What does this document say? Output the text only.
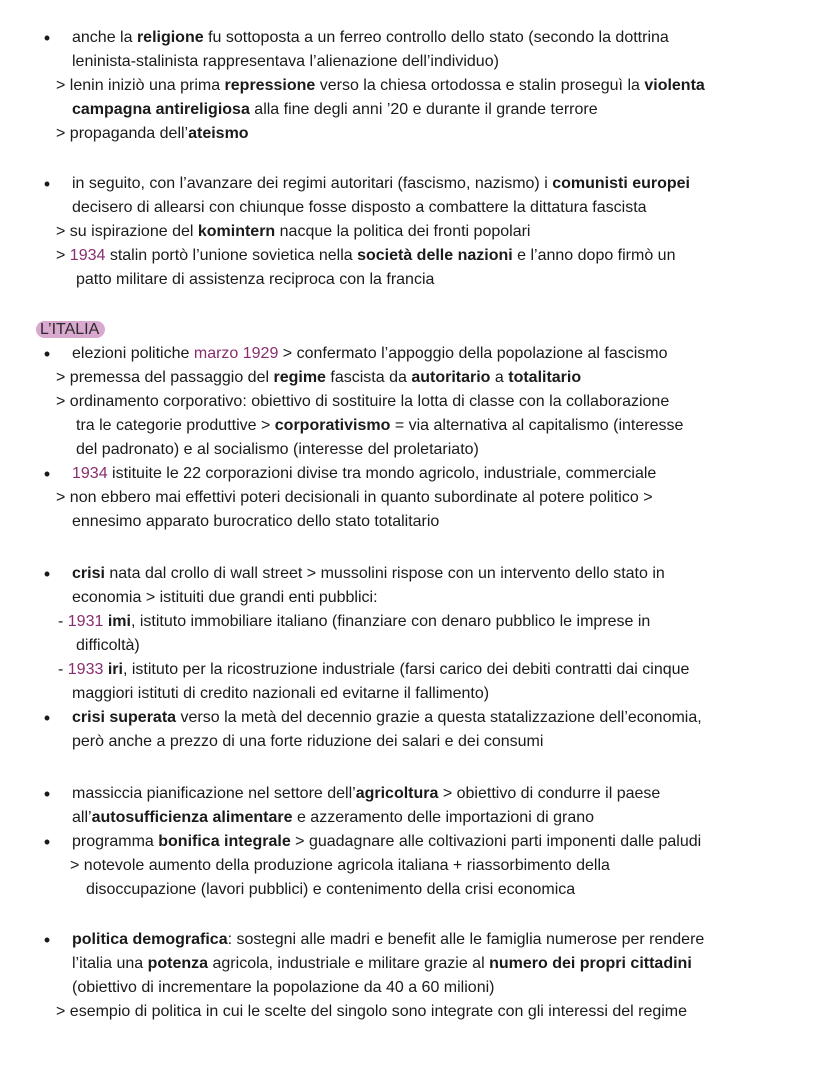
• anche la religione fu sottoposta a un ferreo controllo dello stato (secondo la dottrina
leninista-stalinista rappresentava l’alienazione dell’individuo)
> lenin iniziò una prima repressione verso la chiesa ortodossa e stalin proseguì la violenta
campagna antireligiosa alla fine degli anni ’20 e durante il grande terrore
> propaganda dell’ateismo
• in seguito, con l’avanzare dei regimi autoritari (fascismo, nazismo) i comunisti europei
decisero di allearsi con chiunque fosse disposto a combattere la dittatura fascista
> su ispirazione del komintern nacque la politica dei fronti popolari
> 1934 stalin portò l’unione sovietica nella società delle nazioni e l’anno dopo firmò un
patto militare di assistenza reciproca con la francia
L’ITALIA
• elezioni politiche marzo 1929 > confermato l’appoggio della popolazione al fascismo
> premessa del passaggio del regime fascista da autoritario a totalitario
> ordinamento corporativo: obiettivo di sostituire la lotta di classe con la collaborazione
tra le categorie produttive > corporativismo = via alternativa al capitalismo (interesse
del padronato) e al socialismo (interesse del proletariato)
• 1934 istituite le 22 corporazioni divise tra mondo agricolo, industriale, commerciale
> non ebbero mai effettivi poteri decisionali in quanto subordinate al potere politico >
ennesimo apparato burocratico dello stato totalitario
• crisi nata dal crollo di wall street > mussolini rispose con un intervento dello stato in
economia > istituiti due grandi enti pubblici:
- 1931 imi, istituto immobiliare italiano (finanziare con denaro pubblico le imprese in
difficoltà)
- 1933 iri, istituto per la ricostruzione industriale (farsi carico dei debiti contratti dai cinque
maggiori istituti di credito nazionali ed evitarne il fallimento)
• crisi superata verso la metà del decennio grazie a questa statalizzazione dell’economia,
però anche a prezzo di una forte riduzione dei salari e dei consumi
• massiccia pianificazione nel settore dell’agricoltura > obiettivo di condurre il paese
all’autosufficienza alimentare e azzeramento delle importazioni di grano
• programma bonifica integrale > guadagnare alle coltivazioni parti imponenti dalle paludi
> notevole aumento della produzione agricola italiana + riassorbimento della
disoccupazione (lavori pubblici) e contenimento della crisi economica
• politica demografica: sostegni alle madri e benefit alle le famiglia numerose per rendere
l’italia una potenza agricola, industriale e militare grazie al numero dei propri cittadini
(obiettivo di incrementare la popolazione da 40 a 60 milioni)
> esempio di politica in cui le scelte del singolo sono integrate con gli interessi del regime
